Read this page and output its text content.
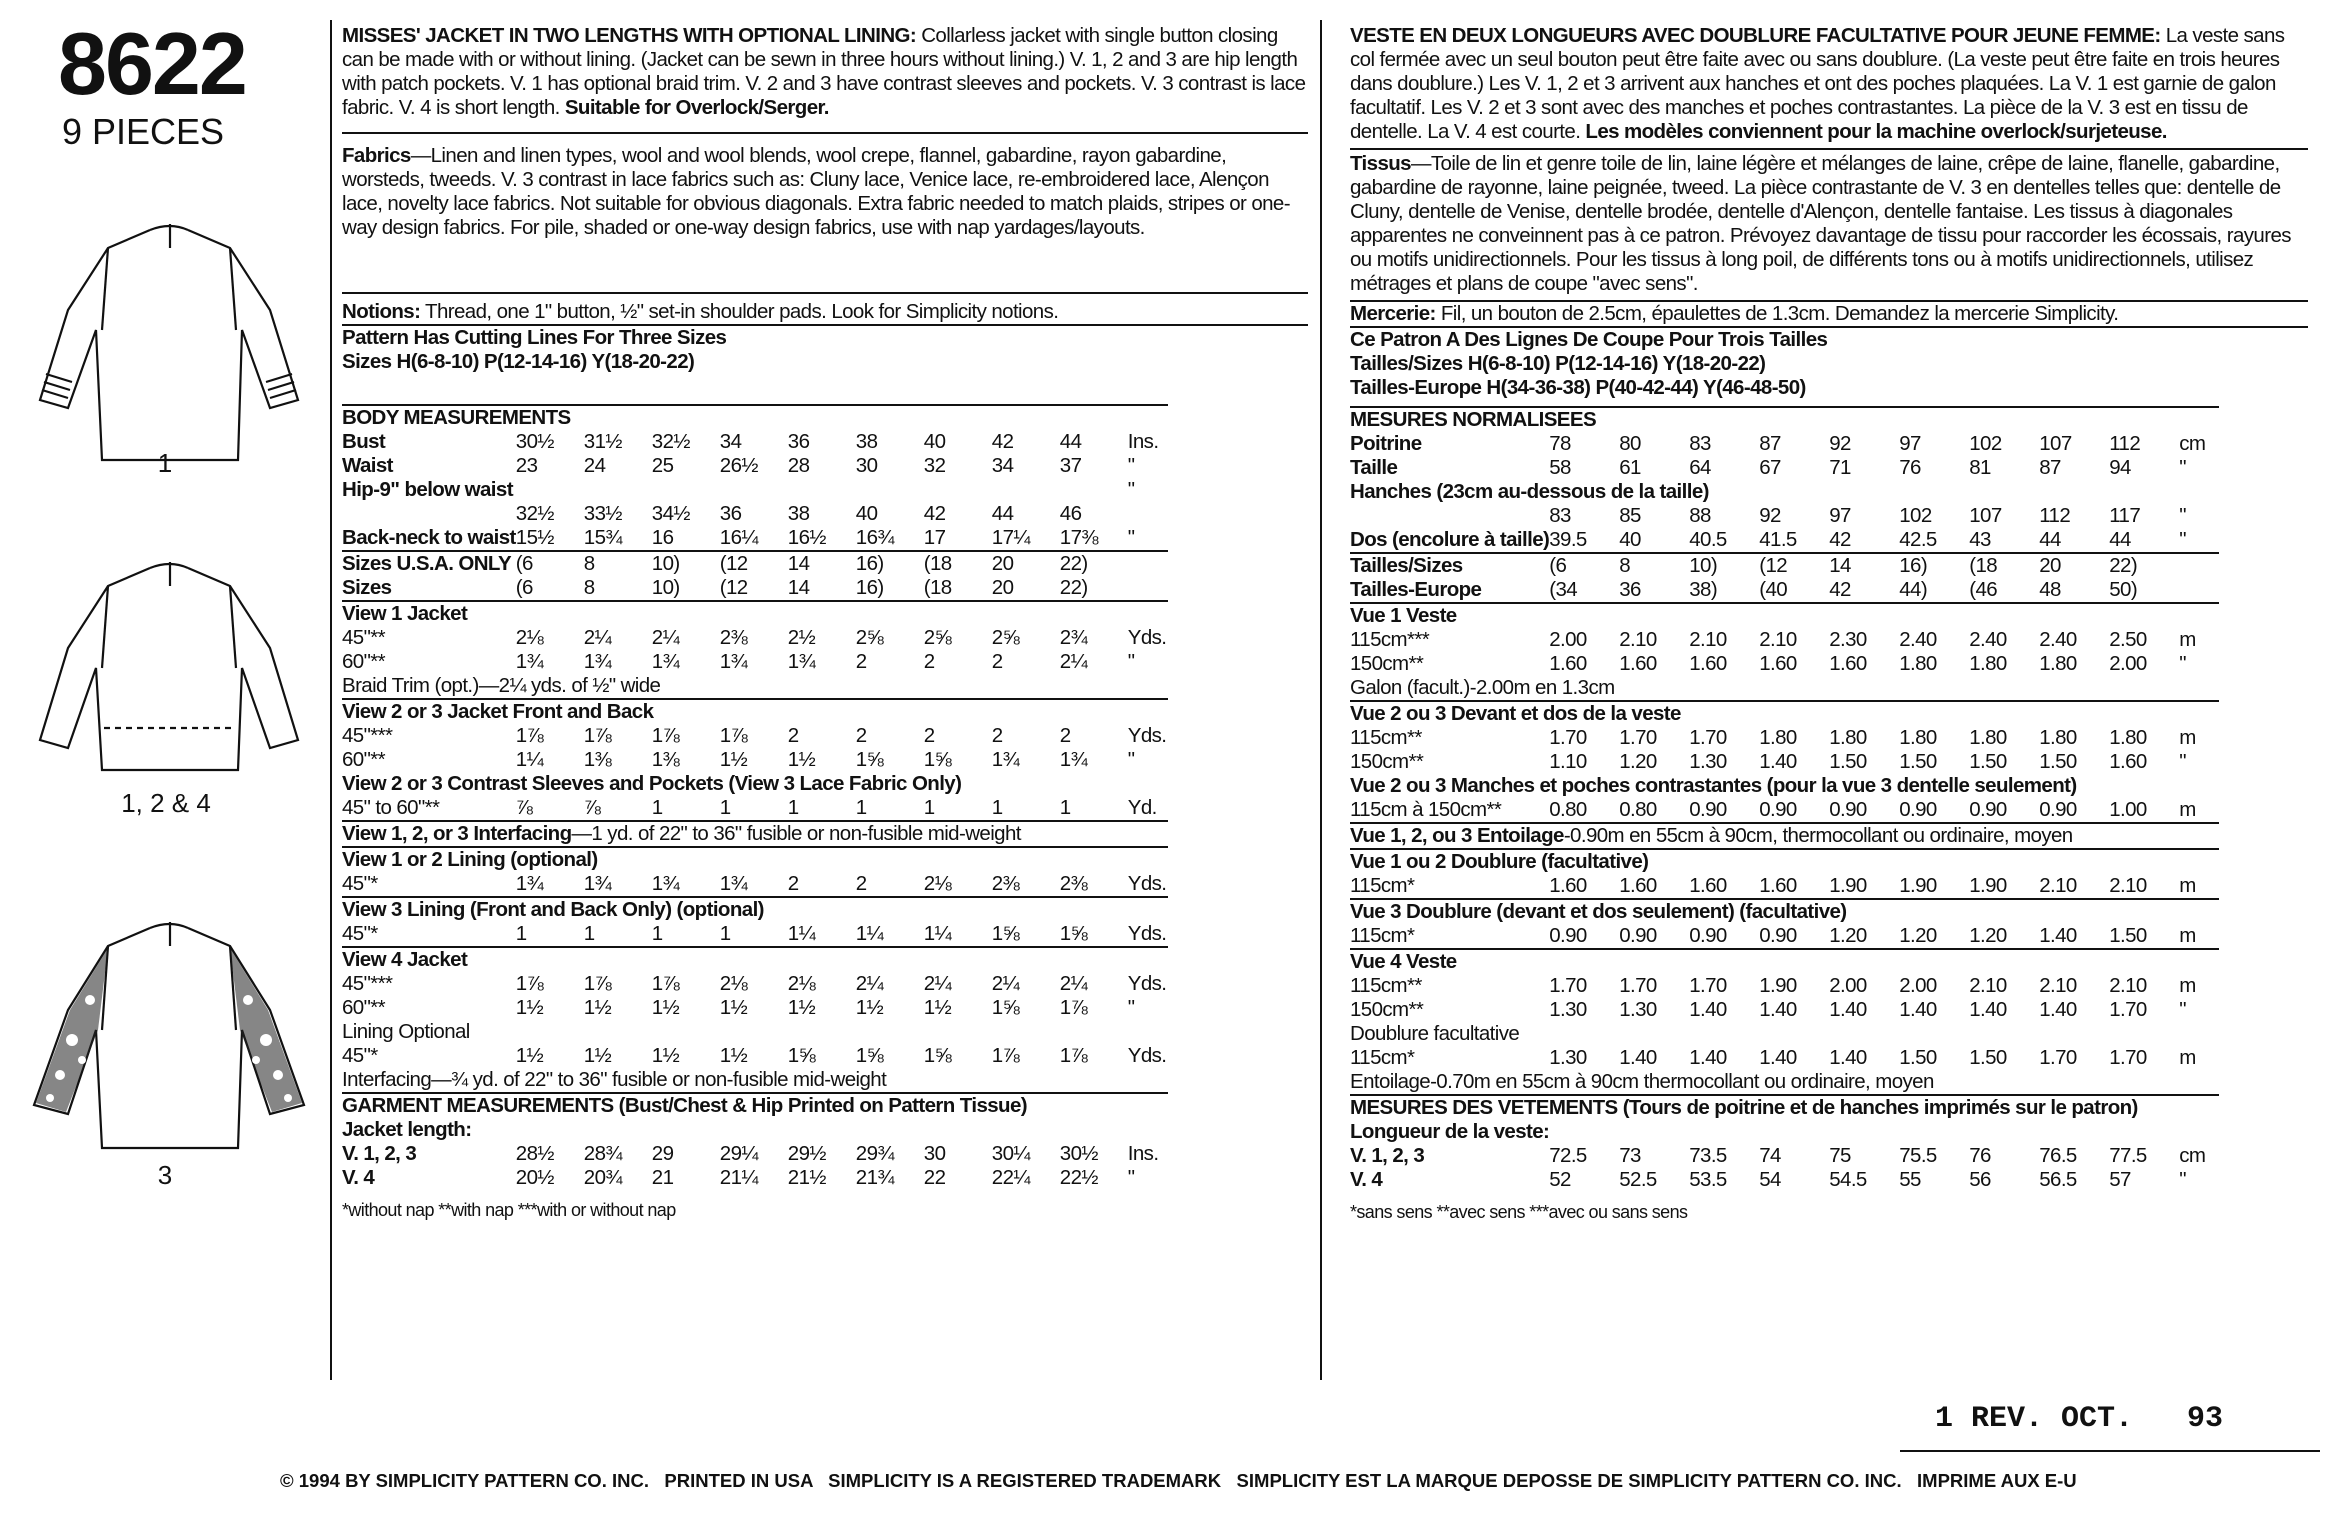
8622
9 PIECES
1
1, 2 & 4
3

MISSES' JACKET IN TWO LENGTHS WITH OPTIONAL LINING: Collarless jacket with single button closing can be made with or without lining. (Jacket can be sewn in three hours without lining.) V. 1, 2 and 3 are hip length with patch pockets. V. 1 has optional braid trim. V. 2 and 3 have contrast sleeves and pockets. V. 3 contrast is lace fabric. V. 4 is short length. Suitable for Overlock/Serger.

Fabrics—Linen and linen types, wool and wool blends, wool crepe, flannel, gabardine, rayon gabardine, worsteds, tweeds. V. 3 contrast in lace fabrics such as: Cluny lace, Venice lace, re-embroidered lace, Alençon lace, novelty lace fabrics. Not suitable for obvious diagonals. Extra fabric needed to match plaids, stripes or one-way design fabrics. For pile, shaded or one-way design fabrics, use with nap yardages/layouts.

Notions: Thread, one 1" button, ½" set-in shoulder pads. Look for Simplicity notions.

Pattern Has Cutting Lines For Three Sizes

Sizes H(6-8-10) P(12-14-16) Y(18-20-22)

BODY MEASUREMENTS										
Bust	30½	31½	32½	34	36	38	40	42	44	Ins.
Waist	23	24	25	26½	28	30	32	34	37	"
Hip-9" below waist										"
	32½	33½	34½	36	38	40	42	44	46	
Back-neck to waist	15½	15¾	16	16¼	16½	16¾	17	17¼	17⅜	"
Sizes U.S.A. ONLY	(6	8	10)	(12	14	16)	(18	20	22)	
Sizes	(6	8	10)	(12	14	16)	(18	20	22)	
View 1 Jacket										
45"**	2⅛	2¼	2¼	2⅜	2½	2⅝	2⅝	2⅝	2¾	Yds.
60"**	1¾	1¾	1¾	1¾	1¾	2	2	2	2¼	"
Braid Trim (opt.)—2¼ yds. of ½" wide										
View 2 or 3 Jacket Front and Back										
45"***	1⅞	1⅞	1⅞	1⅞	2	2	2	2	2	Yds.
60"**	1¼	1⅜	1⅜	1½	1½	1⅝	1⅝	1¾	1¾	"
View 2 or 3 Contrast Sleeves and Pockets (View 3 Lace Fabric Only)										
45" to 60"**	⅞	⅞	1	1	1	1	1	1	1	Yd.
View 1, 2, or 3 Interfacing—1 yd. of 22" to 36" fusible or non-fusible mid-weight										
View 1 or 2 Lining (optional)										
45"*	1¾	1¾	1¾	1¾	2	2	2⅛	2⅜	2⅜	Yds.
View 3 Lining (Front and Back Only) (optional)										
45"*	1	1	1	1	1¼	1¼	1¼	1⅝	1⅝	Yds.
View 4 Jacket										
45"***	1⅞	1⅞	1⅞	2⅛	2⅛	2¼	2¼	2¼	2¼	Yds.
60"**	1½	1½	1½	1½	1½	1½	1½	1⅝	1⅞	"
Lining Optional										
45"*	1½	1½	1½	1½	1⅝	1⅝	1⅝	1⅞	1⅞	Yds.
Interfacing—¾ yd. of 22" to 36" fusible or non-fusible mid-weight										
GARMENT MEASUREMENTS (Bust/Chest & Hip Printed on Pattern Tissue)										
Jacket length:										
V. 1, 2, 3	28½	28¾	29	29¼	29½	29¾	30	30¼	30½	Ins.
V. 4	20½	20¾	21	21¼	21½	21¾	22	22¼	22½	"

*without nap **with nap ***with or without nap

VESTE EN DEUX LONGUEURS AVEC DOUBLURE FACULTATIVE POUR JEUNE FEMME: La veste sans col fermée avec un seul bouton peut être faite avec ou sans doublure. (La veste peut être faite en trois heures dans doublure.) Les V. 1, 2 et 3 arrivent aux hanches et ont des poches plaquées. La V. 1 est garnie de galon facultatif. Les V. 2 et 3 sont avec des manches et poches contrastantes. La pièce de la V. 3 est en tissu de dentelle. La V. 4 est courte. Les modèles conviennent pour la machine overlock/surjeteuse.

Tissus—Toile de lin et genre toile de lin, laine légère et mélanges de laine, crêpe de laine, flanelle, gabardine, gabardine de rayonne, laine peignée, tweed. La pièce contrastante de V. 3 en dentelles telles que: dentelle de Cluny, dentelle de Venise, dentelle brodée, dentelle d'Alençon, dentelle fantaise. Les tissus à diagonales apparentes ne conveinnent pas à ce patron. Prévoyez davantage de tissu pour raccorder les écossais, rayures ou motifs unidirectionnels. Pour les tissus à long poil, de différents tons ou à motifs unidirectionnels, utilisez métrages et plans de coupe "avec sens".

Mercerie: Fil, un bouton de 2.5cm, épaulettes de 1.3cm. Demandez la mercerie Simplicity.

Ce Patron A Des Lignes De Coupe Pour Trois Tailles

Tailles/Sizes H(6-8-10) P(12-14-16) Y(18-20-22)

Tailles-Europe H(34-36-38) P(40-42-44) Y(46-48-50)

MESURES NORMALISEES										
Poitrine	78	80	83	87	92	97	102	107	112	cm
Taille	58	61	64	67	71	76	81	87	94	"
Hanches (23cm au-dessous de la taille)										
	83	85	88	92	97	102	107	112	117	"
Dos (encolure à taille)	39.5	40	40.5	41.5	42	42.5	43	44	44	"
Tailles/Sizes	(6	8	10)	(12	14	16)	(18	20	22)	
Tailles-Europe	(34	36	38)	(40	42	44)	(46	48	50)	
Vue 1 Veste										
115cm***	2.00	2.10	2.10	2.10	2.30	2.40	2.40	2.40	2.50	m
150cm**	1.60	1.60	1.60	1.60	1.60	1.80	1.80	1.80	2.00	"
Galon (facult.)-2.00m en 1.3cm										
Vue 2 ou 3 Devant et dos de la veste										
115cm**	1.70	1.70	1.70	1.80	1.80	1.80	1.80	1.80	1.80	m
150cm**	1.10	1.20	1.30	1.40	1.50	1.50	1.50	1.50	1.60	"
Vue 2 ou 3 Manches et poches contrastantes (pour la vue 3 dentelle seulement)										
115cm à 150cm**	0.80	0.80	0.90	0.90	0.90	0.90	0.90	0.90	1.00	m
Vue 1, 2, ou 3 Entoilage-0.90m en 55cm à 90cm, thermocollant ou ordinaire, moyen										
Vue 1 ou 2 Doublure (facultative)										
115cm*	1.60	1.60	1.60	1.60	1.90	1.90	1.90	2.10	2.10	m
Vue 3 Doublure (devant et dos seulement) (facultative)										
115cm*	0.90	0.90	0.90	0.90	1.20	1.20	1.20	1.40	1.50	m
Vue 4 Veste										
115cm**	1.70	1.70	1.70	1.90	2.00	2.00	2.10	2.10	2.10	m
150cm**	1.30	1.30	1.40	1.40	1.40	1.40	1.40	1.40	1.70	"
Doublure facultative										
115cm*	1.30	1.40	1.40	1.40	1.40	1.50	1.50	1.70	1.70	m
Entoilage-0.70m en 55cm à 90cm thermocollant ou ordinaire, moyen										
MESURES DES VETEMENTS (Tours de poitrine et de hanches imprimés sur le patron)										
Longueur de la veste:										
V. 1, 2, 3	72.5	73	73.5	74	75	75.5	76	76.5	77.5	cm
V. 4	52	52.5	53.5	54	54.5	55	56	56.5	57	"

*sans sens **avec sens ***avec ou sans sens

1 REV. OCT.   93
© 1994 BY SIMPLICITY PATTERN CO. INC.   PRINTED IN USA   SIMPLICITY IS A REGISTERED TRADEMARK   SIMPLICITY EST LA MARQUE DEPOSSE DE SIMPLICITY PATTERN CO. INC.   IMPRIME AUX E-U
